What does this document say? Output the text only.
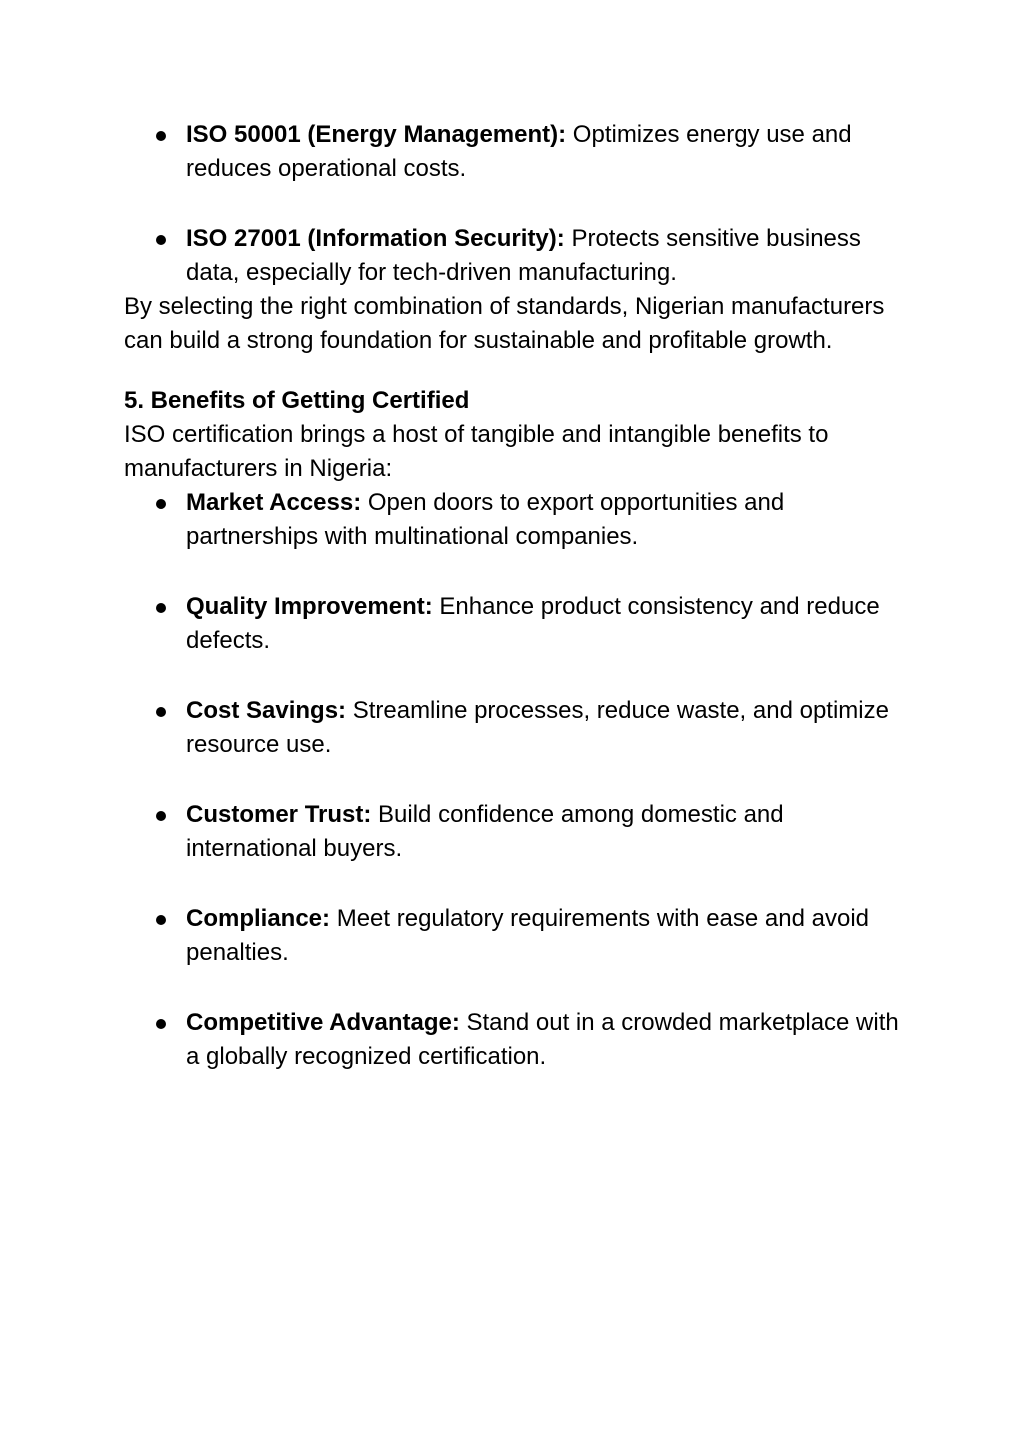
ISO 50001 (Energy Management): Optimizes energy use and reduces operational costs.
ISO 27001 (Information Security): Protects sensitive business data, especially for tech-driven manufacturing.

By selecting the right combination of standards, Nigerian manufacturers can build a strong foundation for sustainable and profitable growth.

5. Benefits of Getting Certified

ISO certification brings a host of tangible and intangible benefits to manufacturers in Nigeria:

Market Access: Open doors to export opportunities and partnerships with multinational companies.
Quality Improvement: Enhance product consistency and reduce defects.
Cost Savings: Streamline processes, reduce waste, and optimize resource use.
Customer Trust: Build confidence among domestic and international buyers.
Compliance: Meet regulatory requirements with ease and avoid penalties.
Competitive Advantage: Stand out in a crowded marketplace with a globally recognized certification.
